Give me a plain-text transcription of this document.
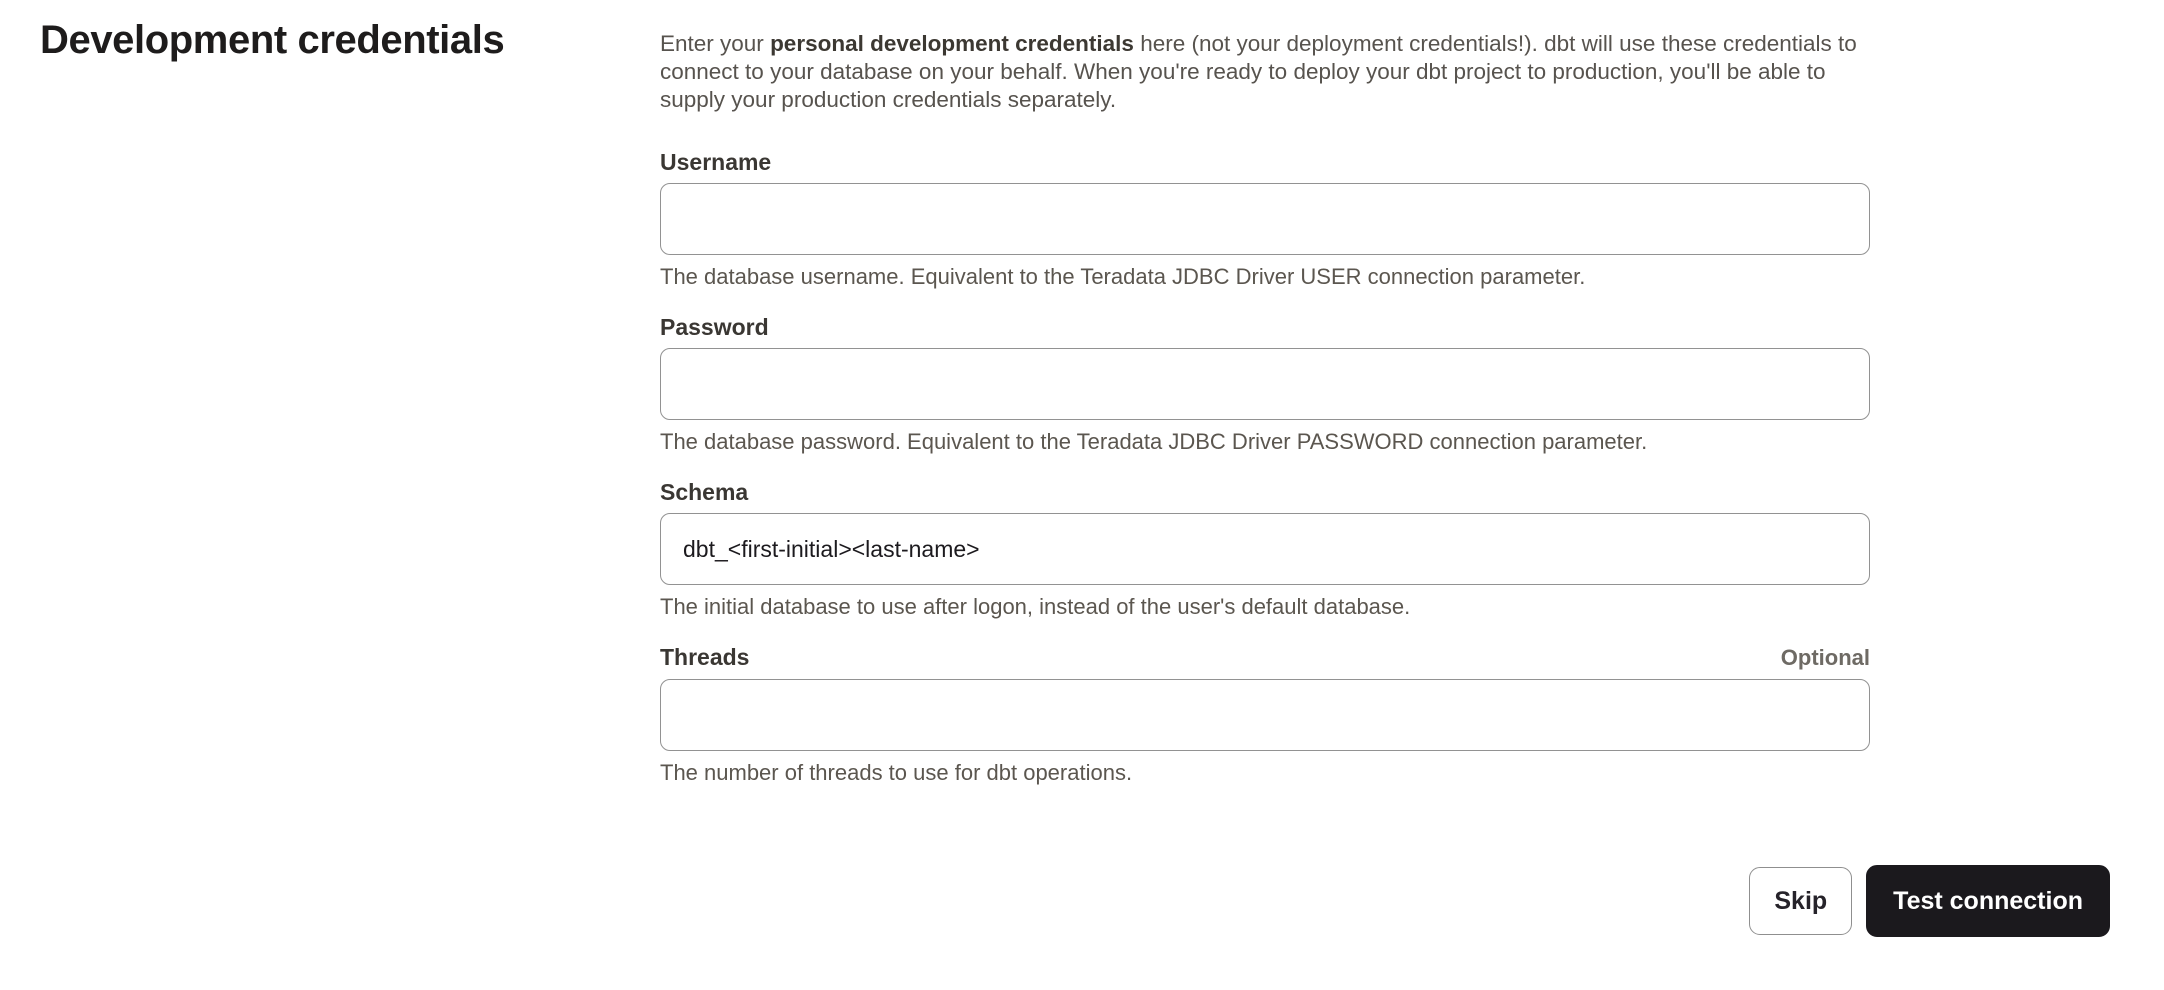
Development credentials	Enter your personal development credentials here (not your deployment credentials!). dbt will use these credentials to connect to your database on your behalf. When you're ready to deploy your dbt project to production, you'll be able to supply your production credentials separately.

Username

The database username. Equivalent to the Teradata JDBC Driver USER connection parameter.

Password

The database password. Equivalent to the Teradata JDBC Driver PASSWORD connection parameter.

Schema
dbt_<first-initial><last-name>

The initial database to use after logon, instead of the user's default database.

Threads	Optional

The number of threads to use for dbt operations.

Skip	Test connection
